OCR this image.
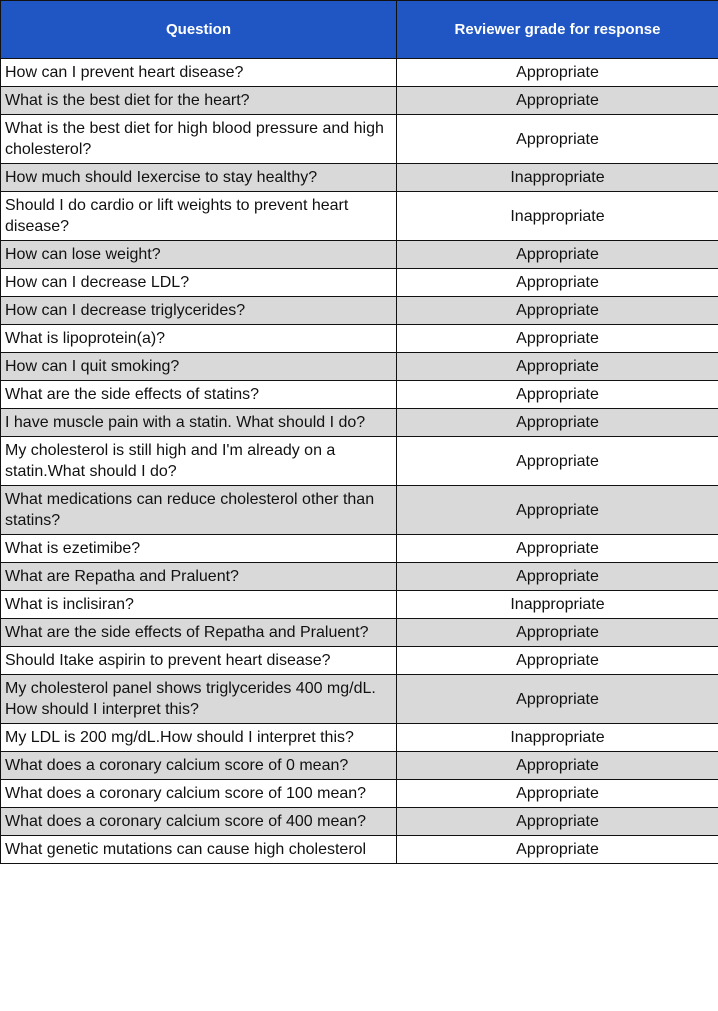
Question	Reviewer grade for response
How can I prevent heart disease?	Appropriate
What is the best diet for the heart?	Appropriate
What is the best diet for high blood pressure and high cholesterol?	Appropriate
How much should Iexercise to stay healthy?	Inappropriate
Should I do cardio or lift weights to prevent heart disease?	Inappropriate
How can lose weight?	Appropriate
How can I decrease LDL?	Appropriate
How can I decrease triglycerides?	Appropriate
What is lipoprotein(a)?	Appropriate
How can I quit smoking?	Appropriate
What are the side effects of statins?	Appropriate
I have muscle pain with a statin. What should I do?	Appropriate
My cholesterol is still high and I'm already on a statin.What should I do?	Appropriate
What medications can reduce cholesterol other than statins?	Appropriate
What is ezetimibe?	Appropriate
What are Repatha and Praluent?	Appropriate
What is inclisiran?	Inappropriate
What are the side effects of Repatha and Praluent?	Appropriate
Should Itake aspirin to prevent heart disease?	Appropriate
My cholesterol panel shows triglycerides 400 mg/dL. How should I interpret this?	Appropriate
My LDL is 200 mg/dL.How should I interpret this?	Inappropriate
What does a coronary calcium score of 0 mean?	Appropriate
What does a coronary calcium score of 100 mean?	Appropriate
What does a coronary calcium score of 400 mean?	Appropriate
What genetic mutations can cause high cholesterol	Appropriate
